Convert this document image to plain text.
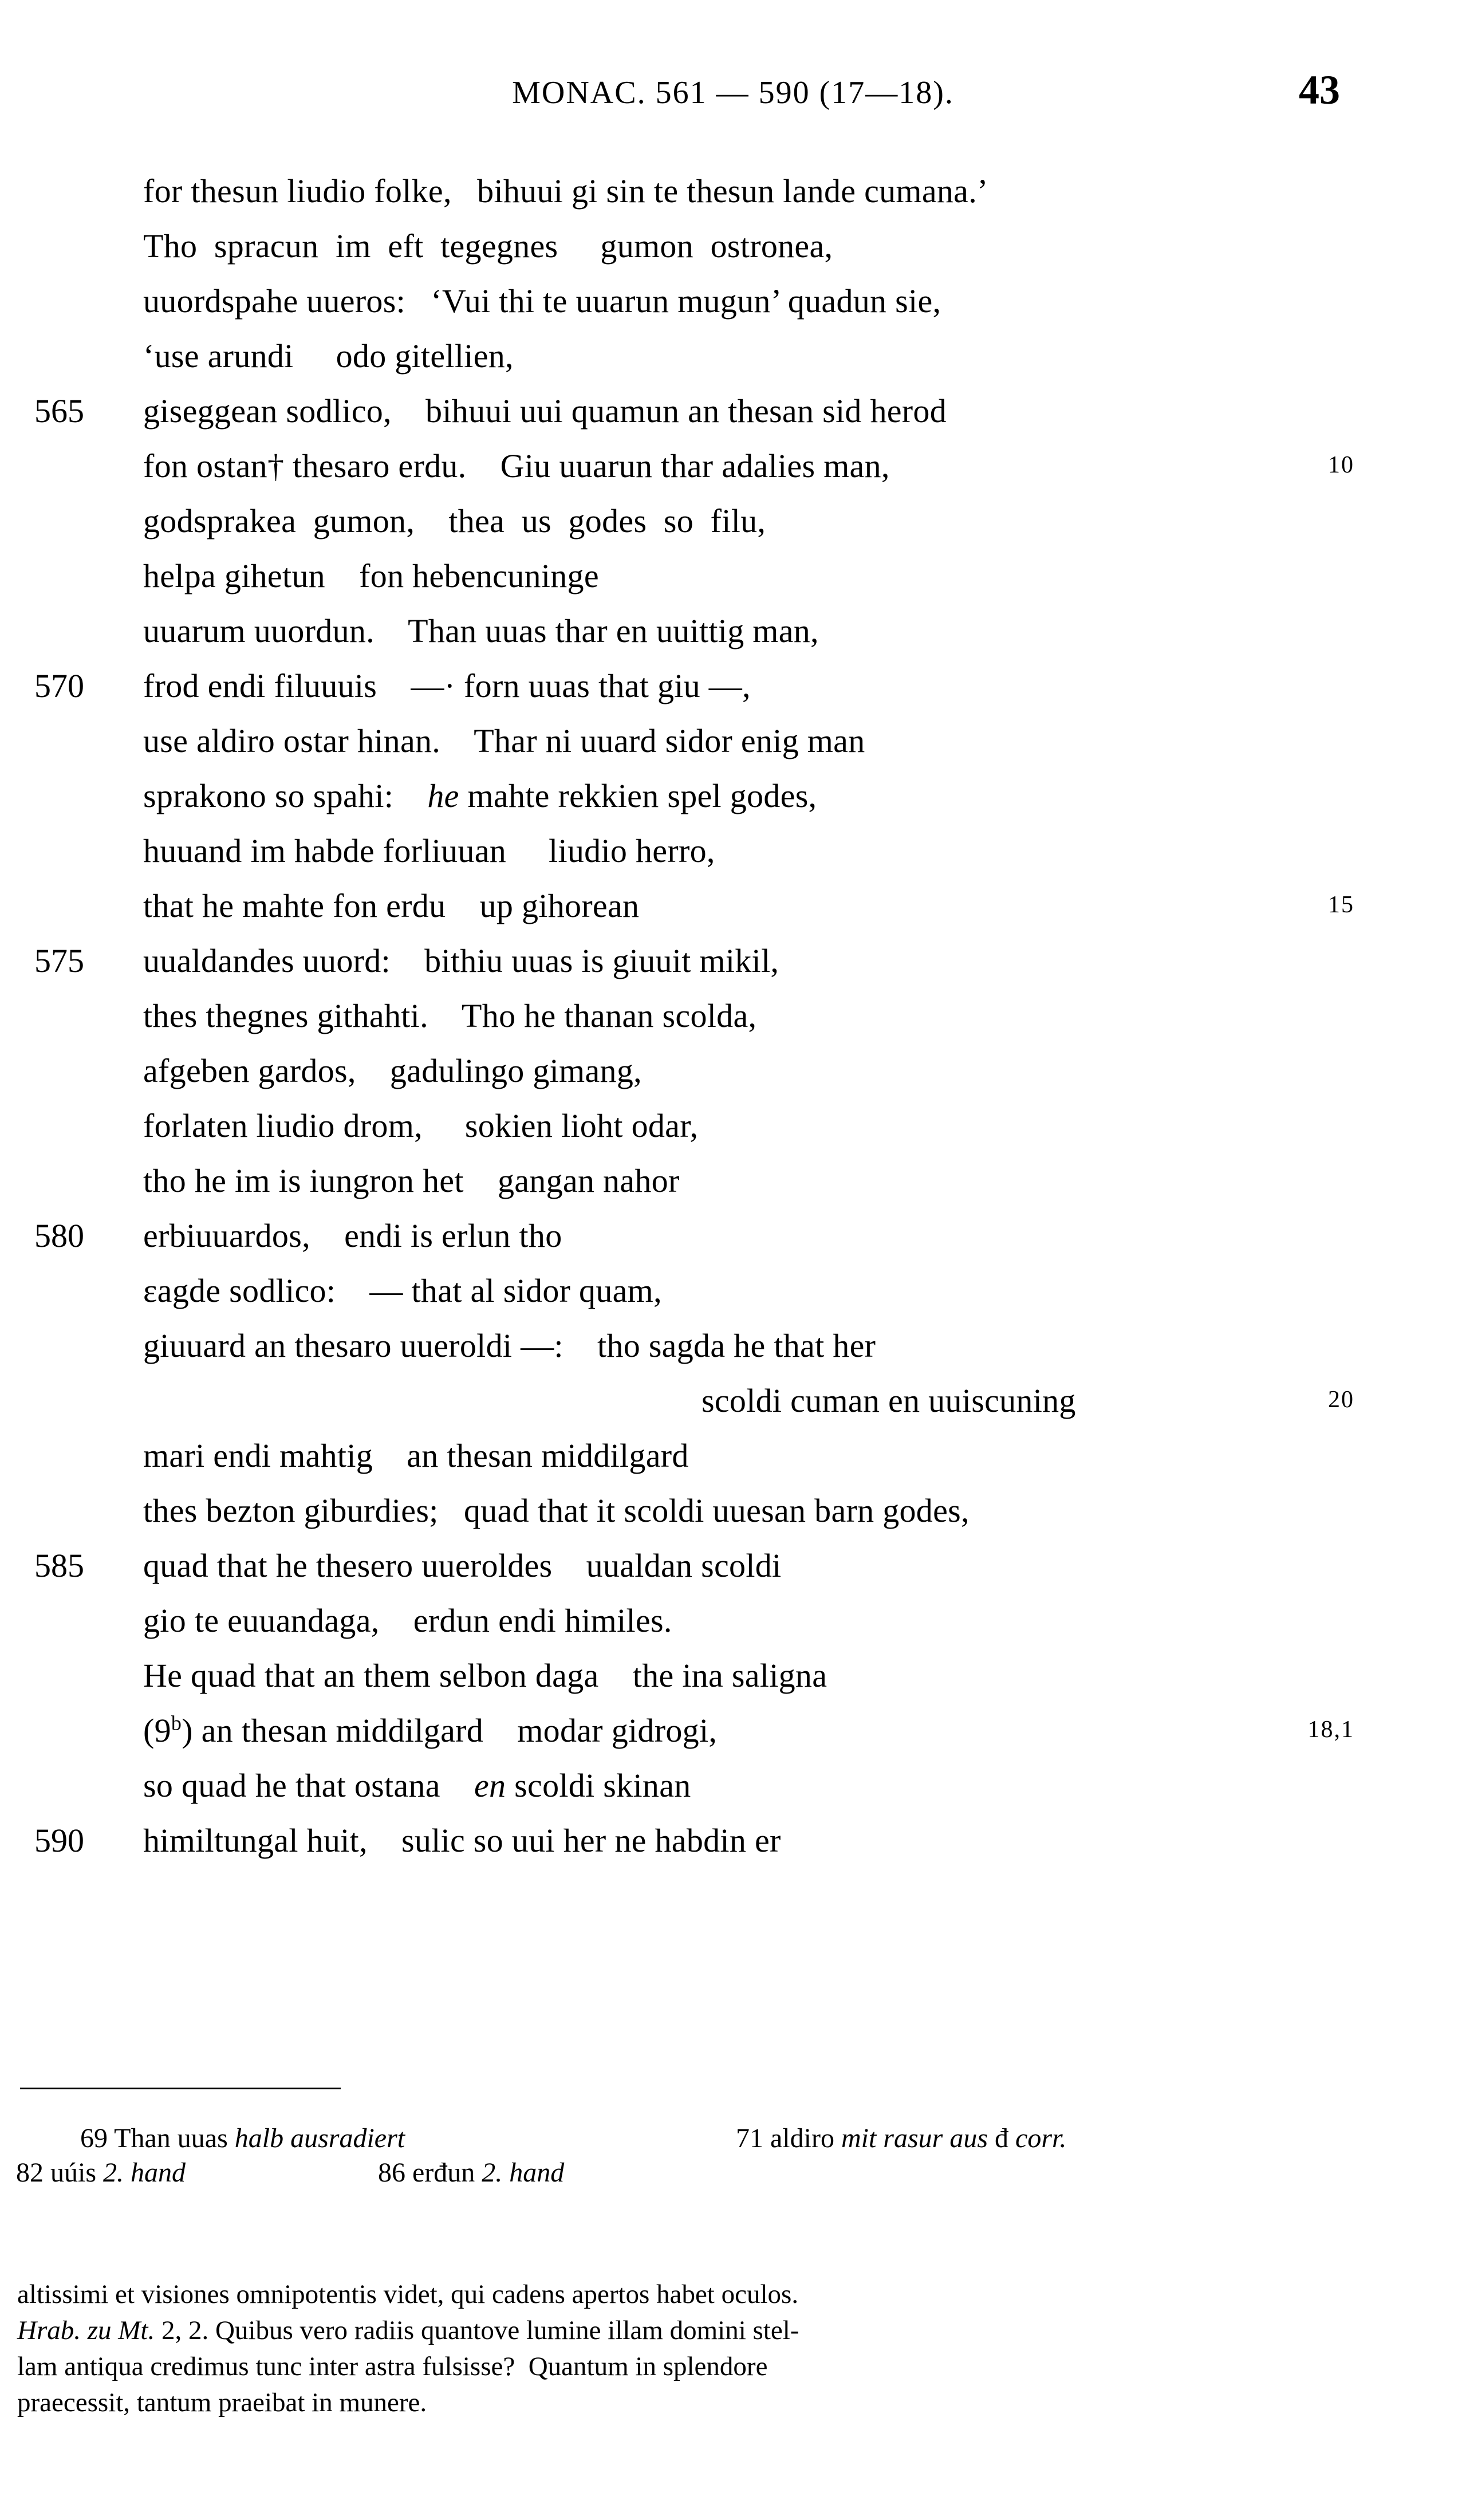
MONAC. 561 — 590 (17—18).	43
for thesun liudio folke,   bihuui gi sin te thesun lande cumana.’
Tho  spracun  im  eft  tegegnes     gumon  ostronea,
uuordspahe uueros:   ‘Vui thi te uuarun mugun’ quadun sie,
‘use arundi     odo gitellien,
565	giseggean sodlico,    bihuui uui quamun an thesan sid herod
fon ostan† thesaro erdu.    Giu uuarun thar adalies man,	10
godsprakea  gumon,    thea  us  godes  so  filu,
helpa gihetun    fon hebencuninge
uuarum uuordun.    Than uuas thar en uuittig man,
570	frod endi filuuuis    —· forn uuas that giu —,
use aldiro ostar hinan.    Thar ni uuard sidor enig man
sprakono so spahi:    he mahte rekkien spel godes,
huuand im habde forliuuan     liudio herro,
that he mahte fon erdu    up gihorean	15
575	uualdandes uuord:    bithiu uuas is giuuit mikil,
thes thegnes githahti.    Tho he thanan scolda,
afgeben gardos,    gadulingo gimang,
forlaten liudio drom,     sokien lioht odar,
tho he im is iungron het    gangan nahor
580	erbiuuardos,    endi is erlun tho
ɛagde sodlico:    — that al sidor quam,
giuuard an thesaro uueroldi —:    tho sagda he that her
scoldi cuman en uuiscuning	20
mari endi mahtig    an thesan middilgard
thes bezton giburdies;   quad that it scoldi uuesan barn godes,
585	quad that he thesero uueroldes    uualdan scoldi
gio te euuandaga,    erdun endi himiles.
He quad that an them selbon daga    the ina saligna
(9$^b$) an thesan middilgard    modar gidrogi,	18,1
so quad he that ostana    en scoldi skinan
590	himiltungal huit,    sulic so uui her ne habdin er
69 Than uuas halb ausradiert	71 aldiro mit rasur aus đ corr.
82 uúis 2. hand	86 erđun 2. hand
altissimi et visiones omnipotentis videt, qui cadens apertos habet oculos.
Hrab. zu Mt. 2, 2. Quibus vero radiis quantove lumine illam domini stel-
lam antiqua credimus tunc inter astra fulsisse?  Quantum in splendore
praecessit, tantum praeibat in munere.
